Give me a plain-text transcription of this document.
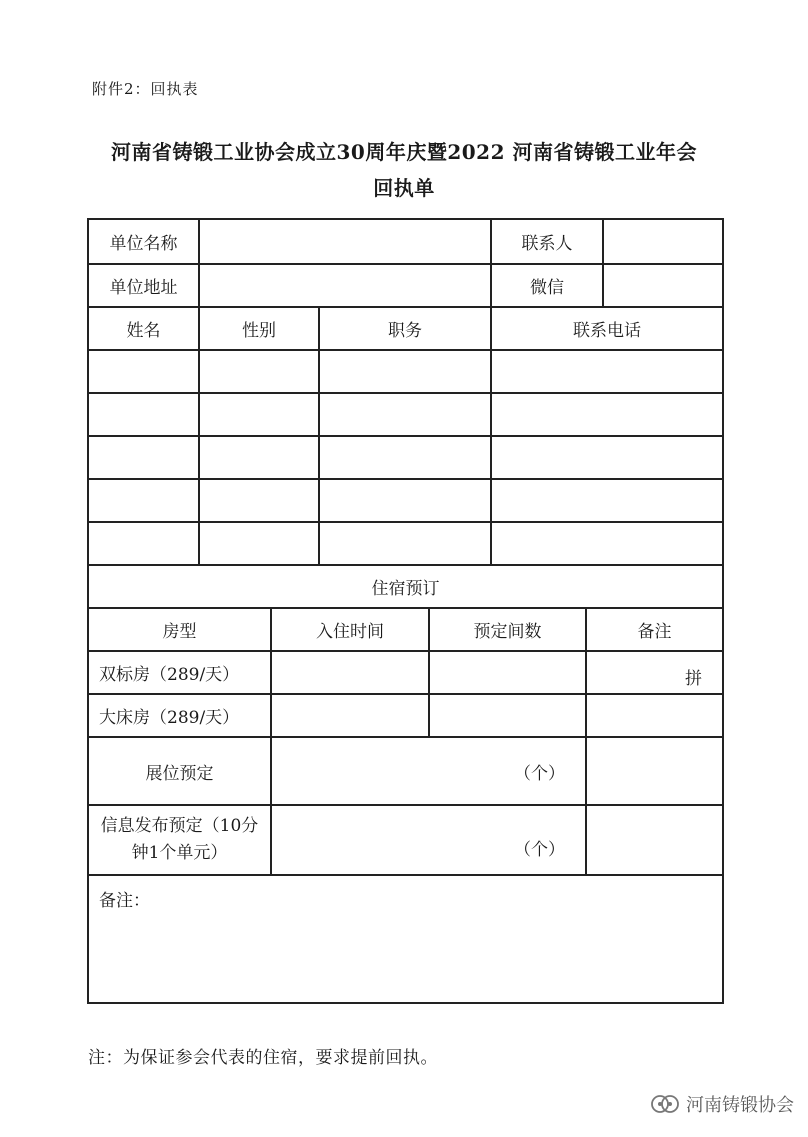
附件2：回执表
河南省铸锻工业协会成立30周年庆暨2022 河南省铸锻工业年会
回执单
单位名称					联系人		
单位地址					微信		
姓名	性别		职务		联系电话		

住宿预订							
房型		入住时间		预定间数		备注	
双标房（289/天）						拼	
大床房（289/天）							
展位预定		（个）					
信息发布预定（10分钟1个单元）		（个）					
备注：							
注：为保证参会代表的住宿，要求提前回执。
河南铸锻协会
